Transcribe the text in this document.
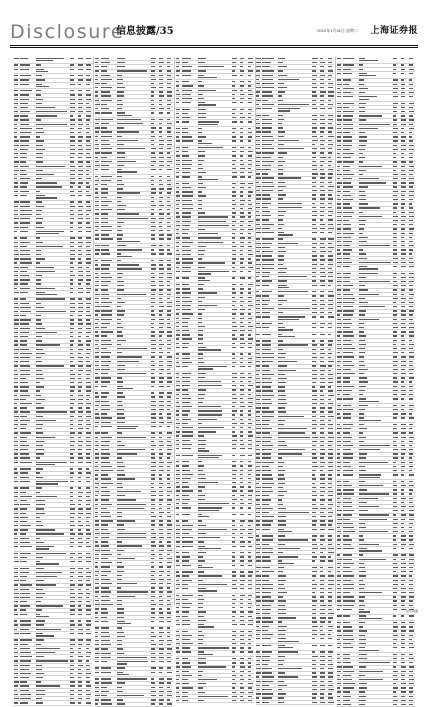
Disclosure
信息披露/35	2012年1月31日 星期二 上海证券报
信息披露
